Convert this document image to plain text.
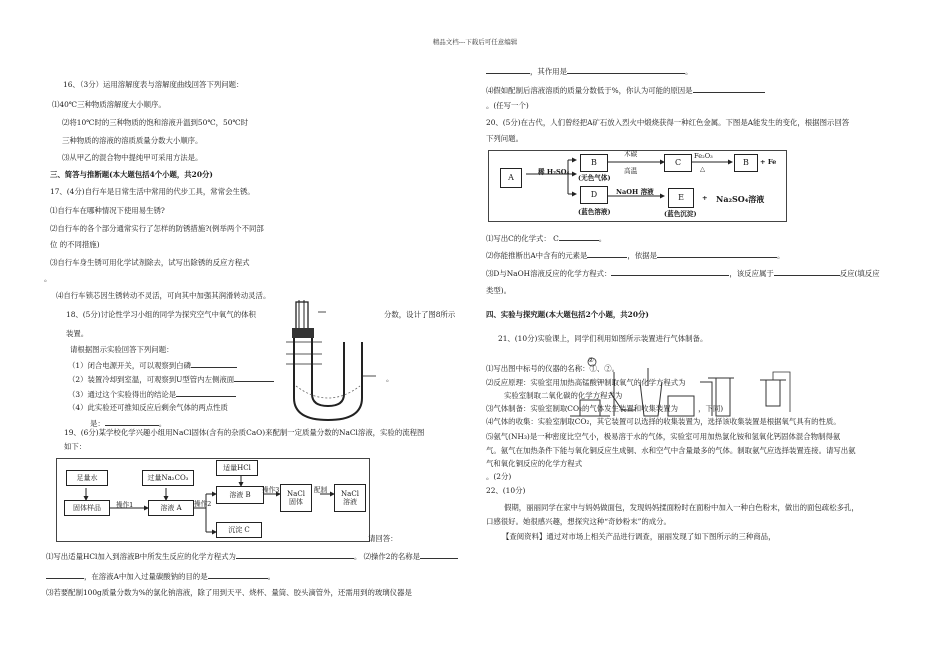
精品文档---下载后可任意编辑
16、（3分）运用溶解度表与溶解度曲线回答下列问题：
⑴40℃三种物质溶解度大小顺序。
⑵将10℃时的三种物质的饱和溶液升温到50℃，50℃时
三种物质的溶液的溶质质量分数大小顺序。
⑶从甲乙的混合物中提纯甲可采用方法是。
三、简答与推断题(本大题包括4个小题，共20分)
17、(4分)自行车是日常生活中常用的代步工具，常常会生锈。
⑴自行车在哪种情况下使用易生锈?
⑵自行车的各个部分通常实行了怎样的防锈措施?(例举两个不同部
位 的不同措施)
⑶自行车身生锈可用化学试剂除去，试写出除锈的反应方程式
。
⑷自行车锁芯因生锈转动不灵活，可向其中加强其润滑转动灵活。
18、(5分)讨论性学习小组的同学为探究空气中氧气的体积	分数，设计了图8所示
装置。
请根据图示实验回答下列问题：
（1）闭合电源开关，可以观察到白磷
（2）装置冷却到室温，可观察到U型管内左侧液面	。
（3）通过这个实验得出的结论是
（4）此实验还可推知反应后剩余气体的两点性质
是：	。
19、(6分)某学校化学兴趣小组用NaCl固体(含有的杂质CaO)来配制一定质量分数的NaCl溶液，实验的流程图
如下：
足量水
固体样品	操作1
过量Na₂CO₃
溶液 A	操作2
适量HCl
溶液 B
操作3 NaCl
固体
配制 NaCl
溶液
沉淀 C
请回答：
⑴写出适量HCl加入到溶液B中所发生反应的化学方程式为	。 ⑵操作2的名称是
，在溶液A中加入过量碳酸钠的目的是	。
⑶若要配制100g质量分数为%的氯化钠溶液，除了用到天平、烧杯、量筒、胶头滴管外，还需用到的玻璃仪器是
，其作用是	。
⑷假如配制后溶液溶质的质量分数低于%，你认为可能的原因是
。(任写一个)
20、(5分)在古代，人们曾经把A矿石放入烈火中煅烧获得一种红色金属。下图是A能发生的变化，根据图示回答
下列问题。
A
稀 H₂SO₄
B
(无色气体)
木碳
高温
C
Fe₂O₃
△
B	+ Fe
D
(蓝色溶液)
NaOH 溶液
E
(蓝色沉淀)
+ Na₂SO₄溶液
⑴写出C的化学式： C	。
⑵你能推断出A中含有的元素是	，依据是	。
⑶D与NaOH溶液反应的化学方程式：	，该反应属于	反应(填反应
类型)。
四、实验与探究题(本大题包括2个小题，共20分)
21、(10分)实验课上，同学们利用如图所示装置进行气体制备。
⑴写出图中标号的仪器的名称：①、②。
⑵反应原理：实验室用加热高锰酸钾制取氧气的化学方程式为
实验室制取二氧化碳的化学方程式为
⑶气体制备：实验室制取CO₂的气体发生装置和收集装置为	，下同)
⑷气体的收集：实验室制取CO₂，其它装置可以选择的收集装置为，选择该收集装置是根据氧气具有的性质。
②
⑸氨气(NH₃)是一种密度比空气小，极易溶于水的气体，实验室可用加热氯化铵和氢氧化钙固体混合物制得氨
气。氨气在加热条件下能与氧化铜反应生成铜、水和空气中含量最多的气体。制取氨气应选择装置连接。请写出氨
气和氧化铜反应的化学方程式
。(2分)
22、(10分)
假期，丽丽同学在家中与妈妈做面包，发现妈妈揉面粉时在面粉中加入一种白色粉末，做出的面包疏松多孔，
口感很好。她很感兴趣，想探究这种“奇妙粉末”的成分。
【查阅资料】通过对市场上相关产品进行调查，丽丽发现了如下图所示的三种商品，
